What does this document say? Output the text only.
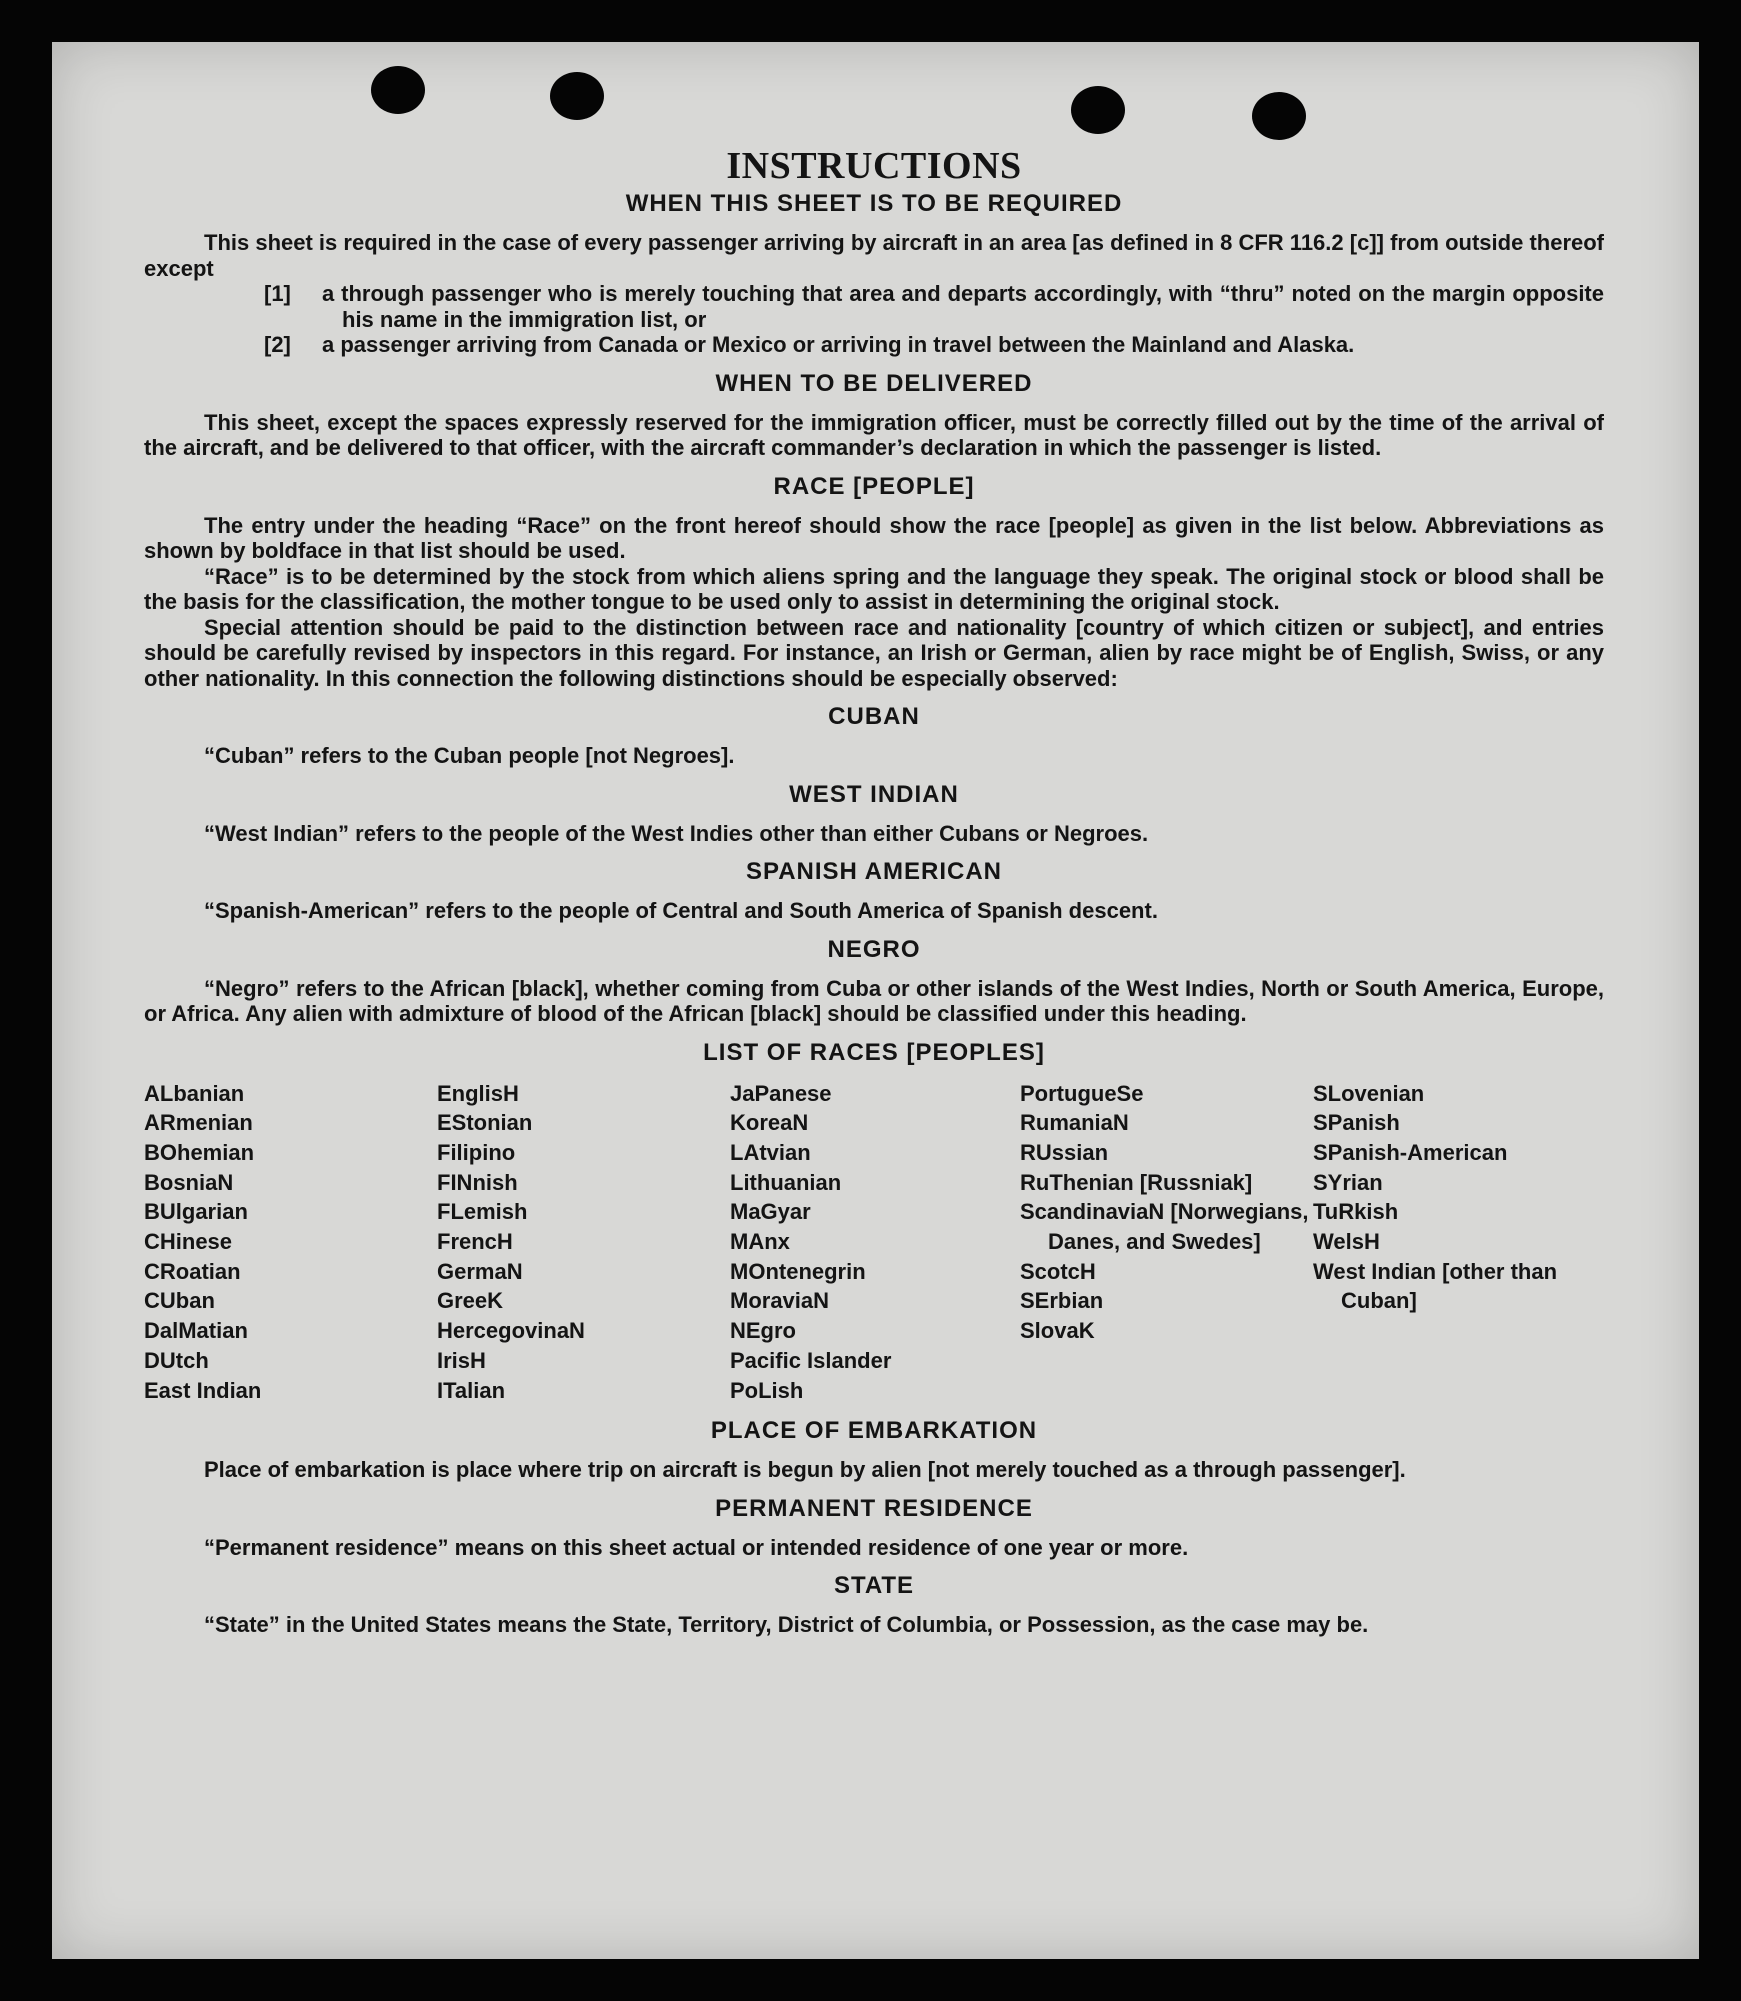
INSTRUCTIONS
WHEN THIS SHEET IS TO BE REQUIRED

This sheet is required in the case of every passenger arriving by aircraft in an area [as defined in 8 CFR 116.2 [c]] from outside thereof except

[1]	a through passenger who is merely touching that area and departs accordingly, with “thru” noted on the margin opposite his name in the immigration list, or
[2]	a passenger arriving from Canada or Mexico or arriving in travel between the Mainland and Alaska.
WHEN TO BE DELIVERED

This sheet, except the spaces expressly reserved for the immigration officer, must be correctly filled out by the time of the arrival of the aircraft, and be delivered to that officer, with the aircraft commander’s declaration in which the passenger is listed.

RACE [PEOPLE]

The entry under the heading “Race” on the front hereof should show the race [people] as given in the list below. Abbreviations as shown by boldface in that list should be used.

“Race” is to be determined by the stock from which aliens spring and the language they speak. The original stock or blood shall be the basis for the classification, the mother tongue to be used only to assist in determining the original stock.

Special attention should be paid to the distinction between race and nationality [country of which citizen or subject], and entries should be carefully revised by inspectors in this regard. For instance, an Irish or German, alien by race might be of English, Swiss, or any other nationality. In this connection the following distinctions should be especially observed:

CUBAN

“Cuban” refers to the Cuban people [not Negroes].

WEST INDIAN

“West Indian” refers to the people of the West Indies other than either Cubans or Negroes.

SPANISH AMERICAN

“Spanish-American” refers to the people of Central and South America of Spanish descent.

NEGRO

“Negro” refers to the African [black], whether coming from Cuba or other islands of the West Indies, North or South America, Europe, or Africa. Any alien with admixture of blood of the African [black] should be classified under this heading.

LIST OF RACES [PEOPLES]
ALbanian
ARmenian
BOhemian
BosniaN
BUlgarian
CHinese
CRoatian
CUban
DalMatian
DUtch
East Indian
EnglisH
EStonian
Filipino
FINnish
FLemish
FrencH
GermaN
GreeK
HercegovinaN
IrisH
ITalian
JaPanese
KoreaN
LAtvian
Lithuanian
MaGyar
MAnx
MOntenegrin
MoraviaN
NEgro
Pacific Islander
PoLish
PortugueSe
RumaniaN
RUssian
RuThenian [Russniak]
ScandinaviaN [Norwegians, Danes, and Swedes]
ScotcH
SErbian
SlovaK
SLovenian
SPanish
SPanish-American
SYrian
TuRkish
WelsH
West Indian [other than Cuban]
PLACE OF EMBARKATION

Place of embarkation is place where trip on aircraft is begun by alien [not merely touched as a through passenger].

PERMANENT RESIDENCE

“Permanent residence” means on this sheet actual or intended residence of one year or more.

STATE

“State” in the United States means the State, Territory, District of Columbia, or Possession, as the case may be.
